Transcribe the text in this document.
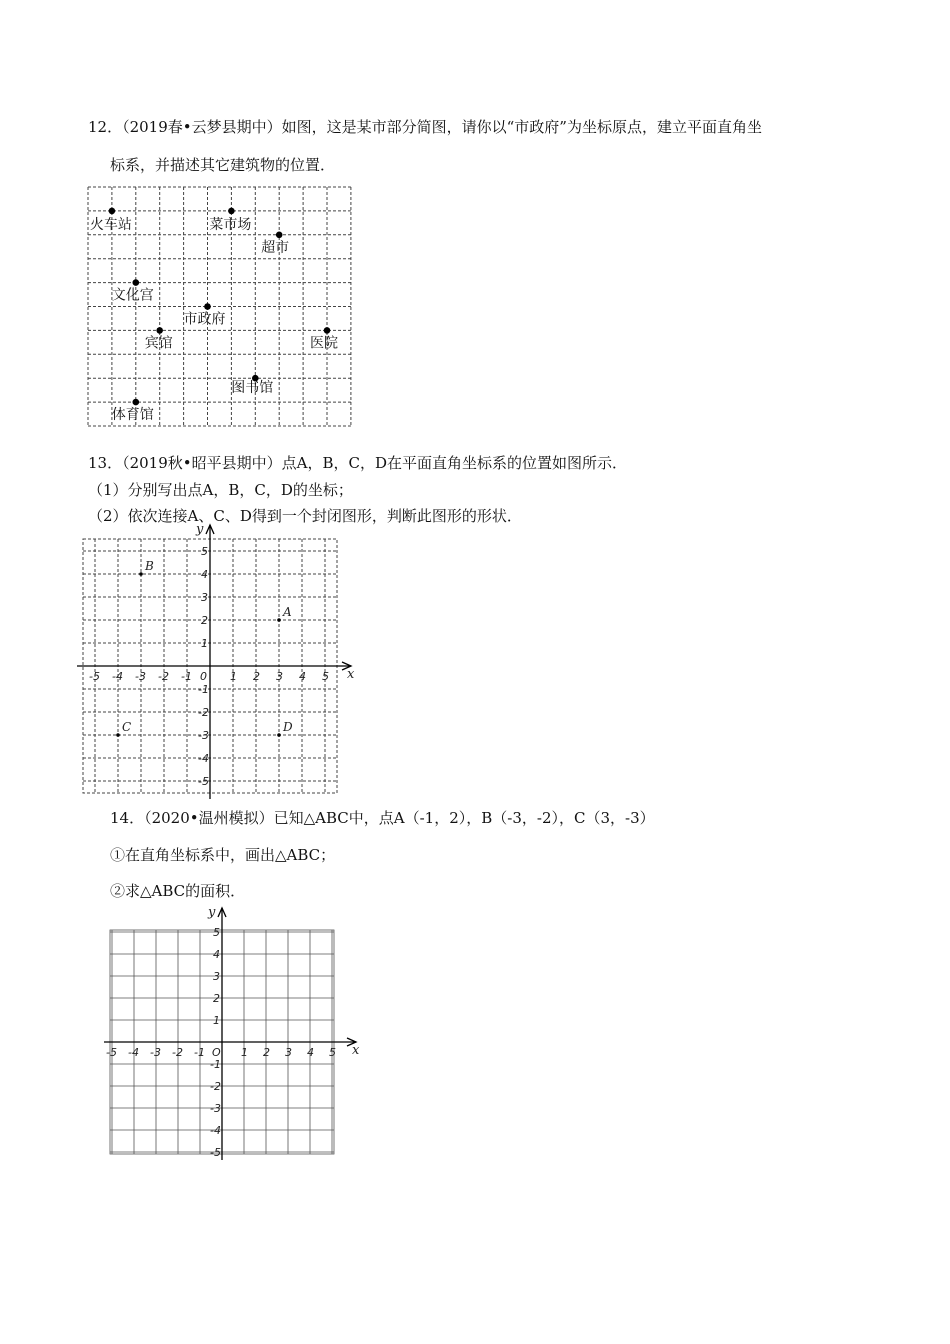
12．（2019春•云梦县期中）如图，这是某市部分简图，请你以“市政府”为坐标原点，建立平面直角坐
标系，并描述其它建筑物的位置．
火车站	菜市场
超市
文化宫
市政府
宾馆	医院
图书馆
体育馆
13．（2019秋•昭平县期中）点A，B，C，D在平面直角坐标系的位置如图所示．
（1）分别写出点A，B，C，D的坐标；
（2）依次连接A、C、D得到一个封闭图形，判断此图形的形状．
x
y
0
-5 -4 -3 -2 -1	1 2 3 4 5
5
4
3
2
1
-1
-2
-3
-4
-5
A
B
C	D
14．（2020•温州模拟）已知△ABC中，点A（-1，2），B（-3，-2），C（3，-3）
①在直角坐标系中，画出△ABC；
②求△ABC的面积．
x
y
O
-5 -4 -3 -2 -1	1 2 3 4 5
5
4
3
2
1
-1
-2
-3
-4
-5
